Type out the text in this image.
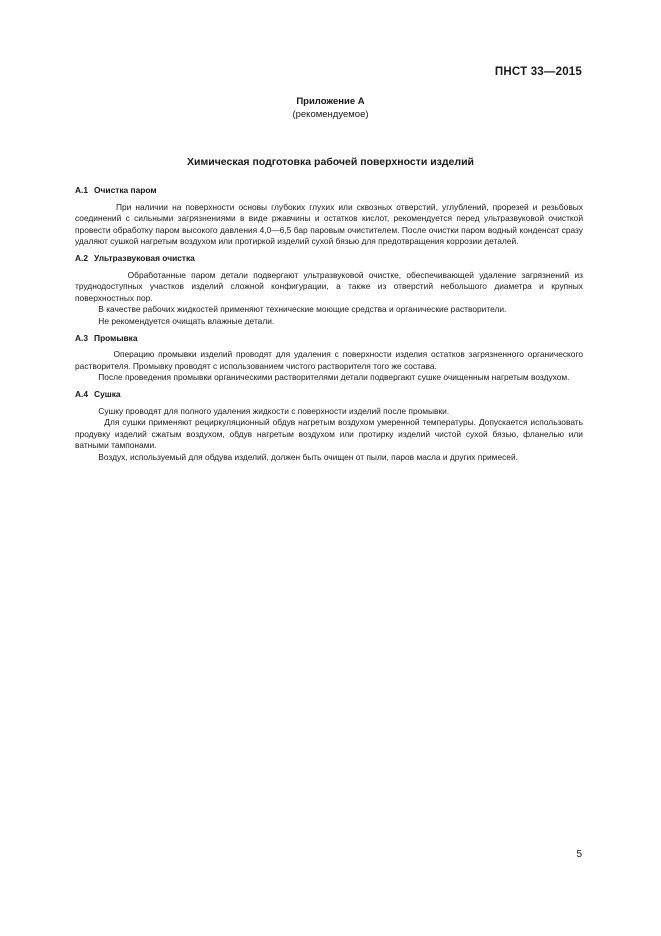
ПНСТ 33—2015
Приложение А
(рекомендуемое)
Химическая подготовка рабочей поверхности изделий
А.1 Очистка паром

При наличии на поверхности основы глубоких глухих или сквозных отверстий, углублений, прорезей и резьбовых соединений с сильными загрязнениями в виде ржавчины и остатков кислот, рекомендуется перед ультразвуковой очисткой провести обработку паром высокого давления 4,0—6,5 бар паровым очистителем. После очистки паром водный конденсат сразу удаляют сушкой нагретым воздухом или протиркой изделий сухой бязью для предотвращения коррозии деталей.

А.2 Ультразвуковая очистка

Обработанные паром детали подвергают ультразвуковой очистке, обеспечивающей удаление загрязнений из труднодоступных участков изделий сложной конфигурации, а также из отверстий небольшого диаметра и крупных поверхностных пор.

В качестве рабочих жидкостей применяют технические моющие средства и органические растворители.

Не рекомендуется очищать влажные детали.

А.3 Промывка

Операцию промывки изделий проводят для удаления с поверхности изделия остатков загрязненного органического растворителя. Промывку проводят с использованием чистого растворителя того же состава.

После проведения промывки органическими растворителями детали подвергают сушке очищенным нагретым воздухом.

А.4 Сушка

Сушку проводят для полного удаления жидкости с поверхности изделий после промывки.

Для сушки применяют рециркуляционный обдув нагретым воздухом умеренной температуры. Допускается использовать продувку изделий сжатым воздухом, обдув нагретым воздухом или протирку изделий чистой сухой бязью, фланелью или ватными тампонами.

Воздух, используемый для обдува изделий, должен быть очищен от пыли, паров масла и других примесей.

5
